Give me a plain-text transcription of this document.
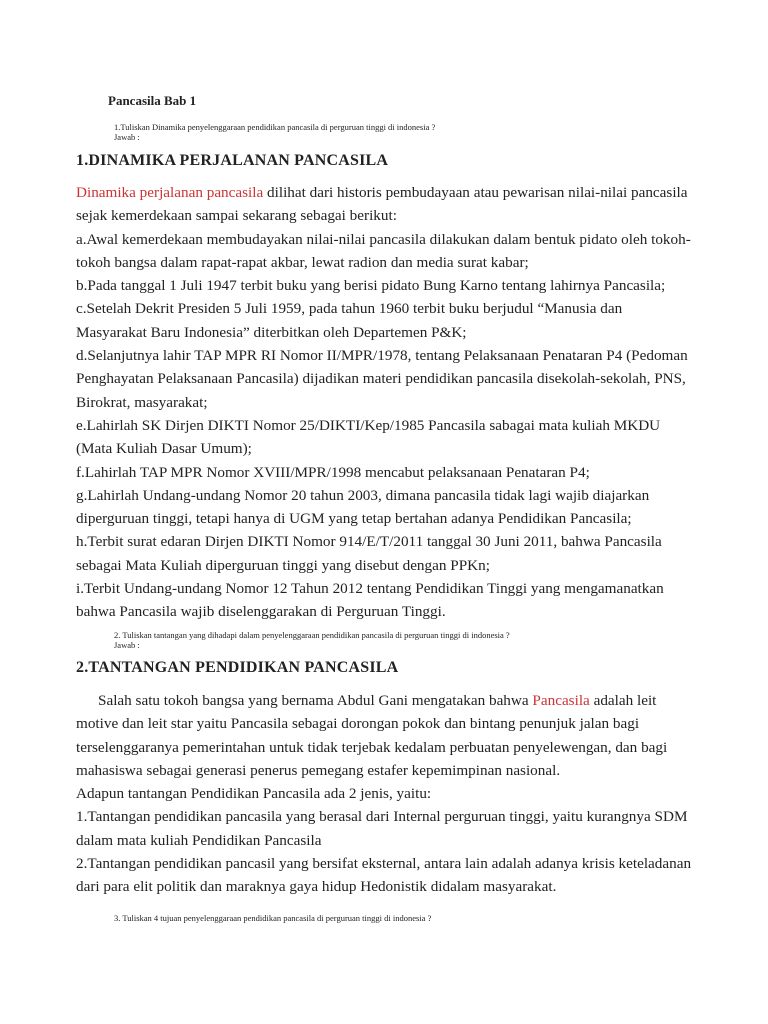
Pancasila Bab 1
1.Tuliskan Dinamika penyelenggaraan pendidikan pancasila di perguruan tinggi di indonesia ?
Jawab :
1.DINAMIKA PERJALANAN PANCASILA

Dinamika perjalanan pancasila dilihat dari historis pembudayaan atau pewarisan nilai-nilai pancasila

sejak kemerdekaan sampai sekarang sebagai berikut:

a.Awal kemerdekaan membudayakan nilai-nilai pancasila dilakukan dalam bentuk pidato oleh tokoh-

tokoh bangsa dalam rapat-rapat akbar, lewat radion dan media surat kabar;

b.Pada tanggal 1 Juli 1947 terbit buku yang berisi pidato Bung Karno tentang lahirnya Pancasila;

c.Setelah Dekrit Presiden 5 Juli 1959, pada tahun 1960 terbit buku berjudul “Manusia dan

Masyarakat Baru Indonesia” diterbitkan oleh Departemen P&K;

d.Selanjutnya lahir TAP MPR RI Nomor II/MPR/1978, tentang Pelaksanaan Penataran P4 (Pedoman

Penghayatan Pelaksanaan Pancasila) dijadikan materi pendidikan pancasila disekolah-sekolah, PNS,

Birokrat, masyarakat;

e.Lahirlah SK Dirjen DIKTI Nomor 25/DIKTI/Kep/1985 Pancasila sabagai mata kuliah MKDU

(Mata Kuliah Dasar Umum);

f.Lahirlah TAP MPR Nomor XVIII/MPR/1998 mencabut pelaksanaan Penataran P4;

g.Lahirlah Undang-undang Nomor 20 tahun 2003, dimana pancasila tidak lagi wajib diajarkan

diperguruan tinggi, tetapi hanya di UGM yang tetap bertahan adanya Pendidikan Pancasila;

h.Terbit surat edaran Dirjen DIKTI Nomor 914/E/T/2011 tanggal 30 Juni 2011, bahwa Pancasila

sebagai Mata Kuliah diperguruan tinggi yang disebut dengan PPKn;

i.Terbit Undang-undang Nomor 12 Tahun 2012 tentang Pendidikan Tinggi yang mengamanatkan

bahwa Pancasila wajib diselenggarakan di Perguruan Tinggi.

2. Tuliskan tantangan yang dihadapi dalam penyelenggaraan pendidikan pancasila di perguruan tinggi di indonesia ?
Jawab :
2.TANTANGAN PENDIDIKAN PANCASILA

Salah satu tokoh bangsa yang bernama Abdul Gani mengatakan bahwa Pancasila adalah leit

motive dan leit star yaitu Pancasila sebagai dorongan pokok dan bintang penunjuk jalan bagi

terselenggaranya pemerintahan untuk tidak terjebak kedalam perbuatan penyelewengan, dan bagi

mahasiswa sebagai generasi penerus pemegang estafer kepemimpinan nasional.

Adapun tantangan Pendidikan Pancasila ada 2 jenis, yaitu:

1.Tantangan pendidikan pancasila yang berasal dari Internal perguruan tinggi, yaitu kurangnya SDM

dalam mata kuliah Pendidikan Pancasila

2.Tantangan pendidikan pancasil yang bersifat eksternal, antara lain adalah adanya krisis keteladanan

dari para elit politik dan maraknya gaya hidup Hedonistik didalam masyarakat.

3. Tuliskan 4 tujuan penyelenggaraan pendidikan pancasila di perguruan tinggi di indonesia ?
